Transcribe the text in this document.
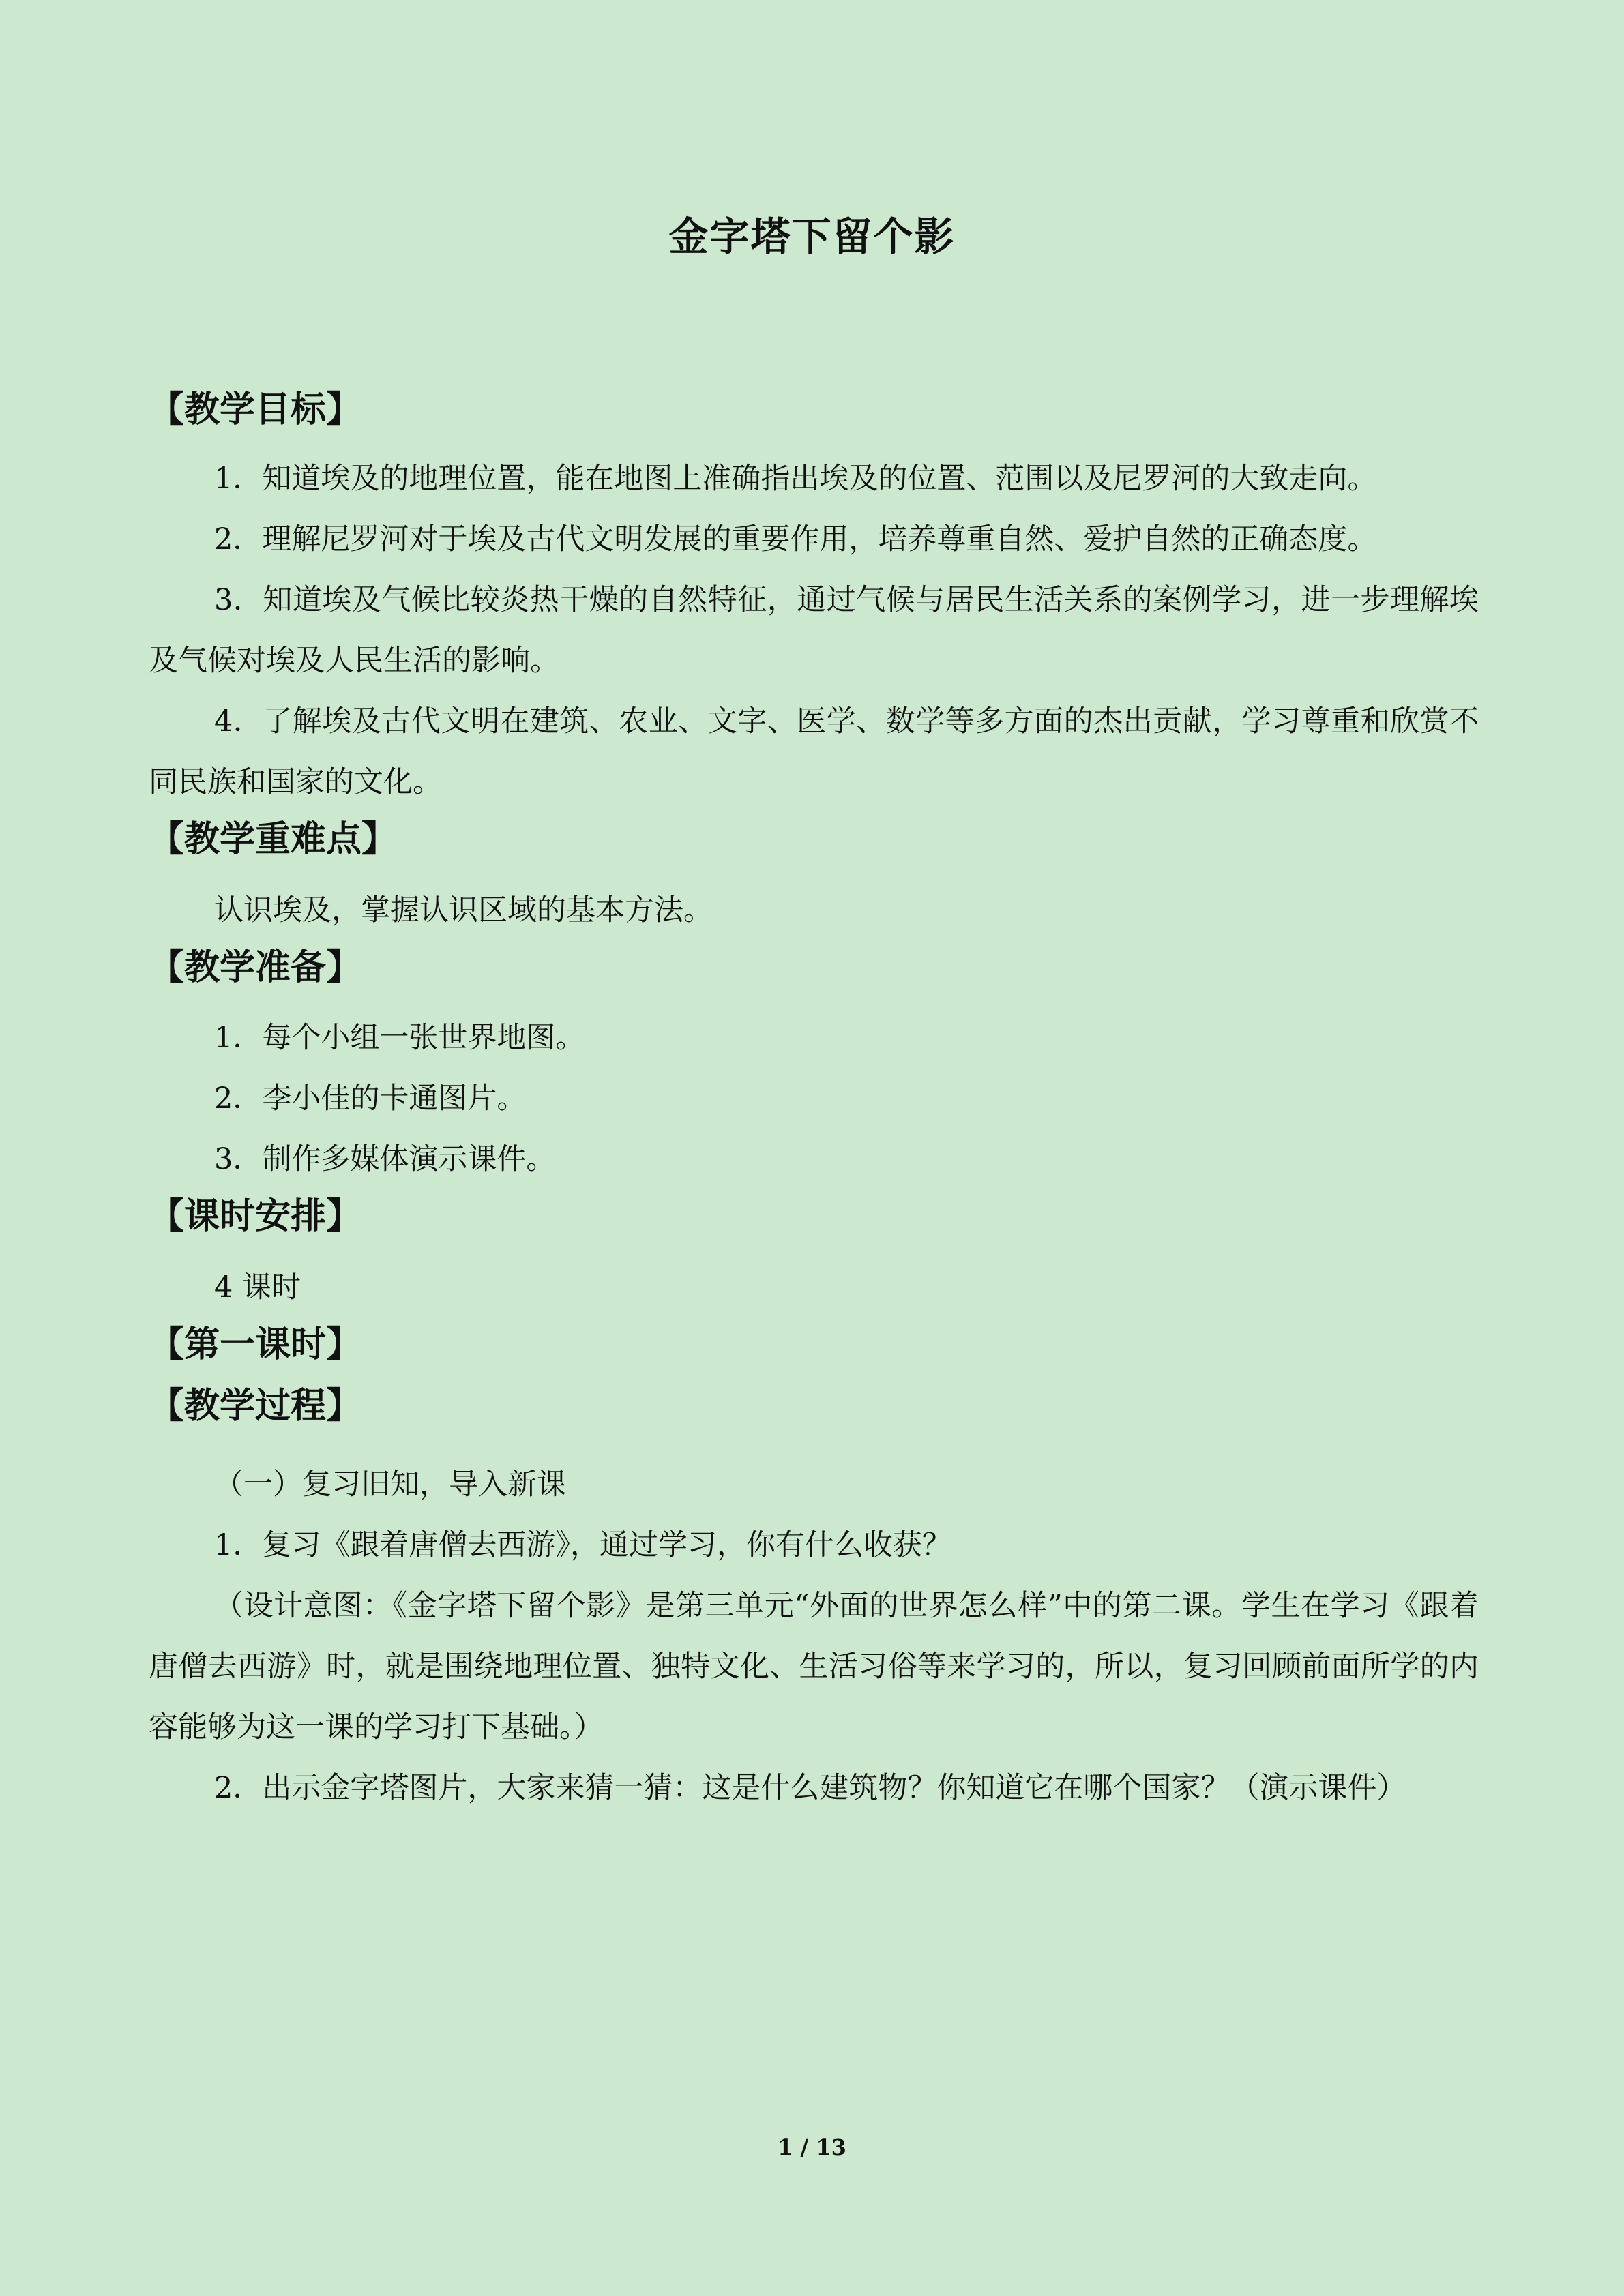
金字塔下留个影
【教学目标】

1．知道埃及的地理位置，能在地图上准确指出埃及的位置、范围以及尼罗河的大致走向。

2．理解尼罗河对于埃及古代文明发展的重要作用，培养尊重自然、爱护自然的正确态度。

3．知道埃及气候比较炎热干燥的自然特征，通过气候与居民生活关系的案例学习，进一步理解埃及气候对埃及人民生活的影响。

4．了解埃及古代文明在建筑、农业、文字、医学、数学等多方面的杰出贡献，学习尊重和欣赏不同民族和国家的文化。

【教学重难点】

认识埃及，掌握认识区域的基本方法。

【教学准备】

1．每个小组一张世界地图。

2．李小佳的卡通图片。

3．制作多媒体演示课件。

【课时安排】

4 课时

【第一课时】
【教学过程】

（一）复习旧知，导入新课

1．复习《跟着唐僧去西游》，通过学习，你有什么收获？

（设计意图：《金字塔下留个影》是第三单元“外面的世界怎么样”中的第二课。学生在学习《跟着唐僧去西游》时，就是围绕地理位置、独特文化、生活习俗等来学习的，所以，复习回顾前面所学的内容能够为这一课的学习打下基础。）

2．出示金字塔图片，大家来猜一猜：这是什么建筑物？你知道它在哪个国家？（演示课件）

1 / 13
